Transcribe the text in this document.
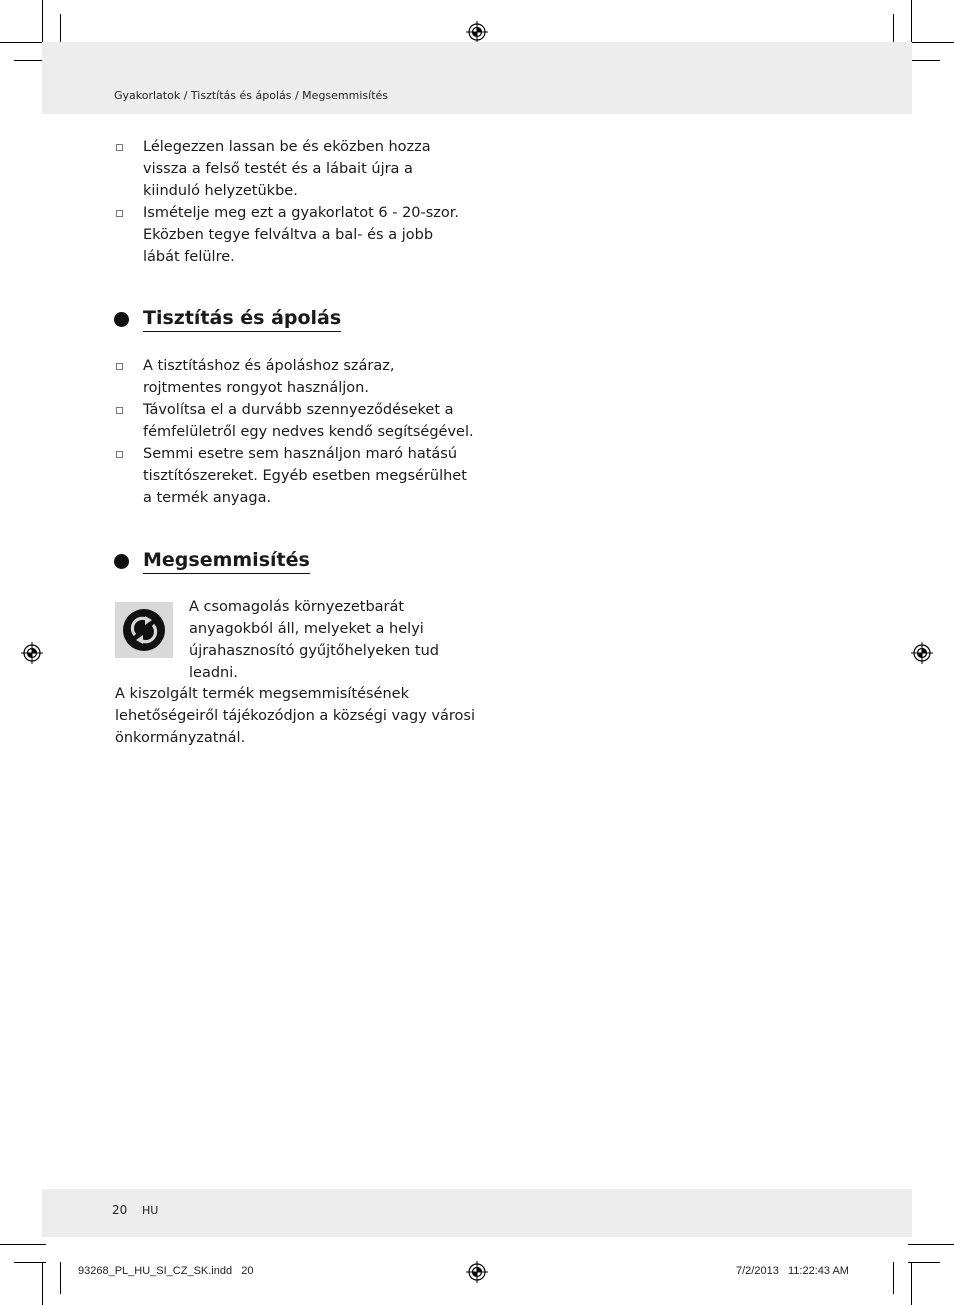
Gyakorlatok / Tisztítás és ápolás / Megsemmisítés
Lélegezzen lassan be és eközben hozza vissza a felső testét és a lábait újra a kiinduló helyzetükbe.
Ismételje meg ezt a gyakorlatot 6 - 20-szor. Eközben tegye felváltva a bal- és a jobb lábát felülre.
Tisztítás és ápolás
A tisztításhoz és ápoláshoz száraz, rojtmentes rongyot használjon.
Távolítsa el a durvább szennyeződéseket a fémfelületről egy nedves kendő segítségével.
Semmi esetre sem használjon maró hatású tisztítószereket. Egyéb esetben megsérülhet a termék anyaga.
Megsemmisítés
A csomagolás környezetbarát anyagokból áll, melyeket a helyi újrahasznosító gyűjtőhelyeken tud leadni.
A kiszolgált termék megsemmisítésének lehetőségeiről tájékozódjon a községi vagy városi önkormányzatnál.
20 HU
93268_PL_HU_SI_CZ_SK.indd   20	7/2/2013   11:22:43 AM
